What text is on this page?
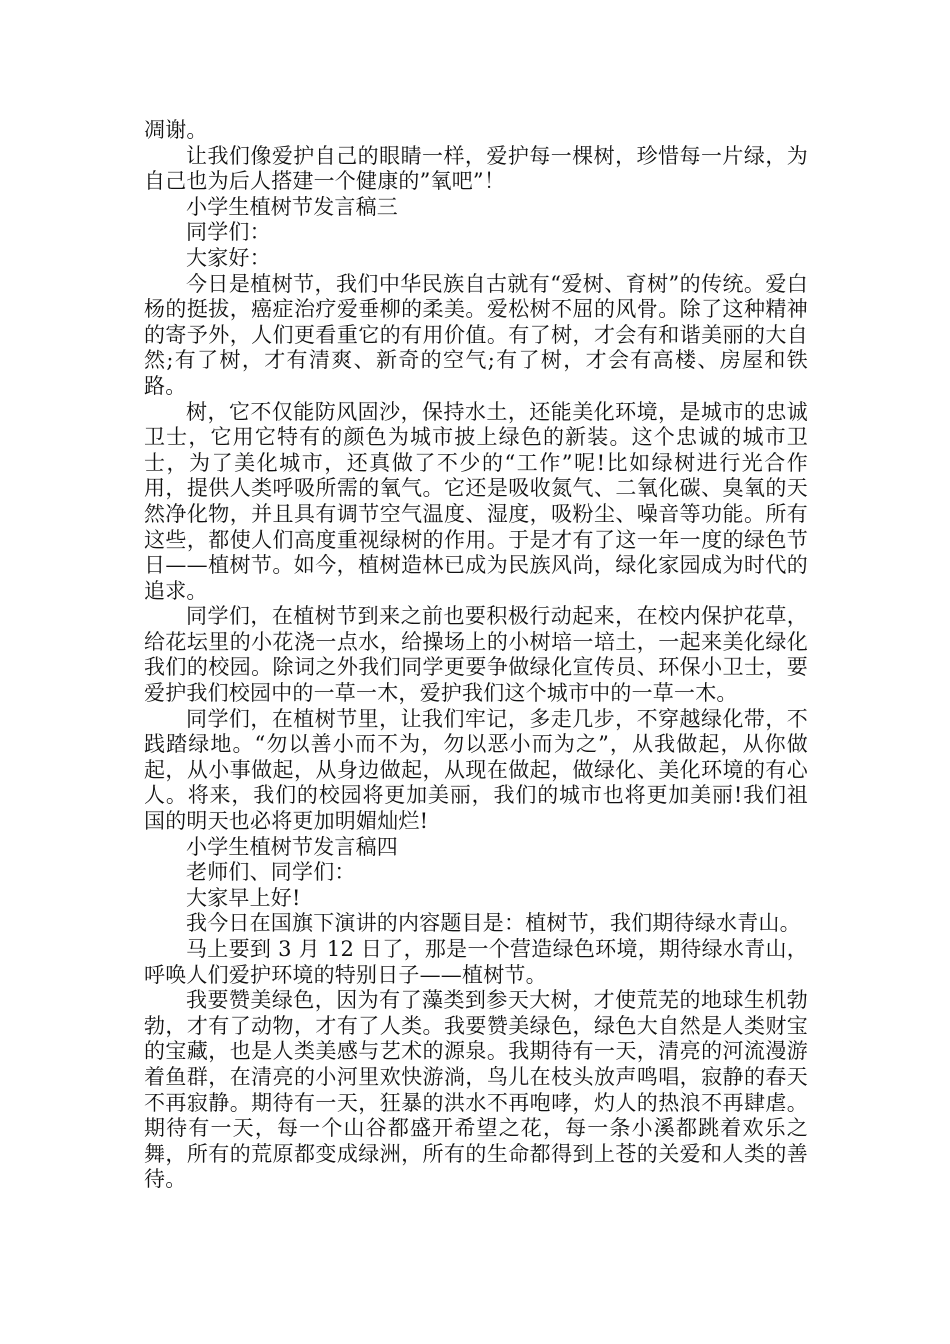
凋谢。

让我们像爱护自己的眼睛一样，爱护每一棵树，珍惜每一片绿，为自己也为后人搭建一个健康的”氧吧”！

小学生植树节发言稿三

同学们：

大家好：

今日是植树节，我们中华民族自古就有“爱树、育树”的传统。爱白杨的挺拔，癌症治疗爱垂柳的柔美。爱松树不屈的风骨。除了这种精神的寄予外，人们更看重它的有用价值。有了树，才会有和谐美丽的大自然;有了树，才有清爽、新奇的空气;有了树，才会有高楼、房屋和铁路。

树，它不仅能防风固沙，保持水土，还能美化环境，是城市的忠诚卫士，它用它特有的颜色为城市披上绿色的新装。这个忠诚的城市卫士，为了美化城市，还真做了不少的“工作”呢!比如绿树进行光合作用，提供人类呼吸所需的氧气。它还是吸收氮气、二氧化碳、臭氧的天然净化物，并且具有调节空气温度、湿度，吸粉尘、噪音等功能。所有这些，都使人们高度重视绿树的作用。于是才有了这一年一度的绿色节日——植树节。如今，植树造林已成为民族风尚，绿化家园成为时代的追求。

同学们，在植树节到来之前也要积极行动起来，在校内保护花草，给花坛里的小花浇一点水，给操场上的小树培一培土，一起来美化绿化我们的校园。除词之外我们同学更要争做绿化宣传员、环保小卫士，要爱护我们校园中的一草一木，爱护我们这个城市中的一草一木。

同学们，在植树节里，让我们牢记，多走几步，不穿越绿化带，不践踏绿地。“勿以善小而不为，勿以恶小而为之”，从我做起，从你做起，从小事做起，从身边做起，从现在做起，做绿化、美化环境的有心人。将来，我们的校园将更加美丽，我们的城市也将更加美丽!我们祖国的明天也必将更加明媚灿烂!

小学生植树节发言稿四

老师们、同学们：

大家早上好!

我今日在国旗下演讲的内容题目是：植树节，我们期待绿水青山。

马上要到 3 月 12 日了，那是一个营造绿色环境，期待绿水青山，呼唤人们爱护环境的特别日子——植树节。

我要赞美绿色，因为有了藻类到参天大树，才使荒芜的地球生机勃勃，才有了动物，才有了人类。我要赞美绿色，绿色大自然是人类财宝的宝藏，也是人类美感与艺术的源泉。我期待有一天，清亮的河流漫游着鱼群，在清亮的小河里欢快游淌，鸟儿在枝头放声鸣唱，寂静的春天不再寂静。期待有一天，狂暴的洪水不再咆哮，灼人的热浪不再肆虐。期待有一天，每一个山谷都盛开希望之花，每一条小溪都跳着欢乐之舞，所有的荒原都变成绿洲，所有的生命都得到上苍的关爱和人类的善待。
